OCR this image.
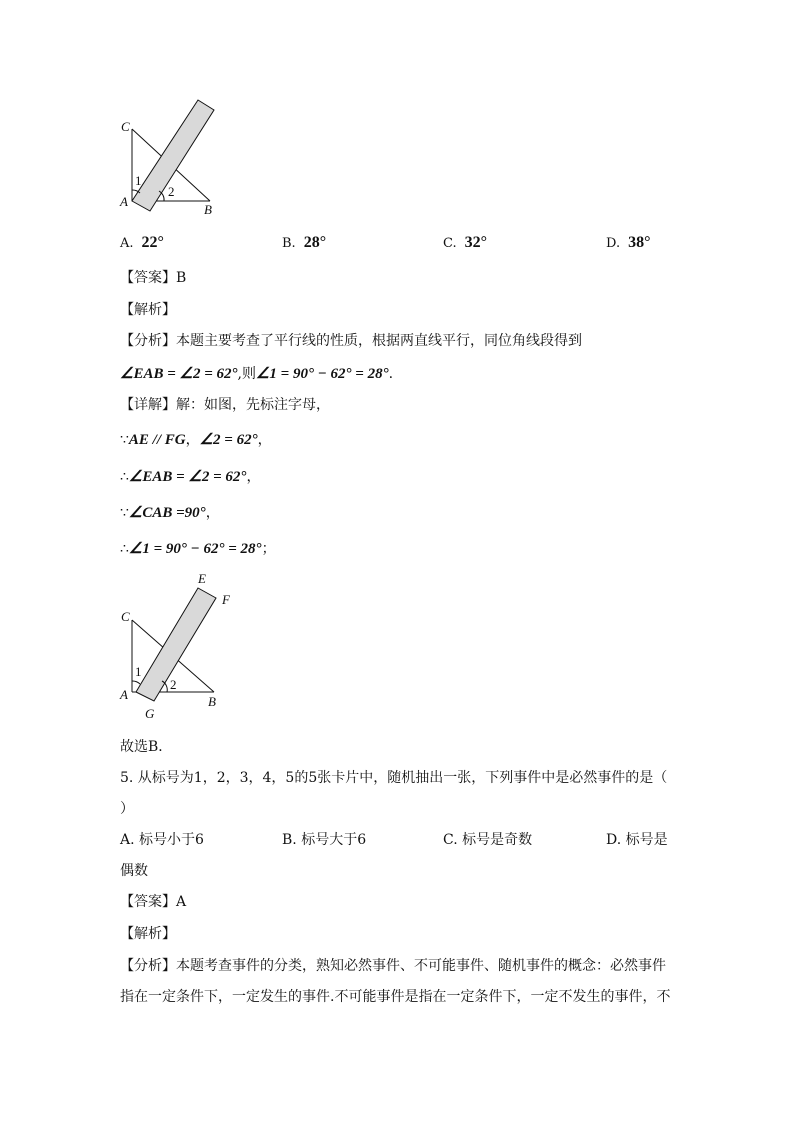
C
A
B
1
2
A. 22°	B. 28°	C. 32°	D. 38°
【答案】B
【解析】
【分析】本题主要考查了平行线的性质，根据两直线平行，同位角线段得到
∠EAB = ∠2 = 62°,则∠1 = 90° − 62° = 28°.
【详解】解：如图，先标注字母，
∵AE // FG，∠2 = 62°，
∴∠EAB = ∠2 = 62°，
∵∠CAB =90°，
∴∠1 = 90° − 62° = 28°；
E
F
C
A
G
B
1
2
故选B．
5. 从标号为1，2，3，4，5的5张卡片中，随机抽出一张，下列事件中是必然事件的是（
）
A. 标号小于6	B. 标号大于6	C. 标号是奇数	D. 标号是
偶数
【答案】A
【解析】
【分析】本题考查事件的分类，熟知必然事件、不可能事件、随机事件的概念：必然事件
指在一定条件下，一定发生的事件.不可能事件是指在一定条件下，一定不发生的事件，不
